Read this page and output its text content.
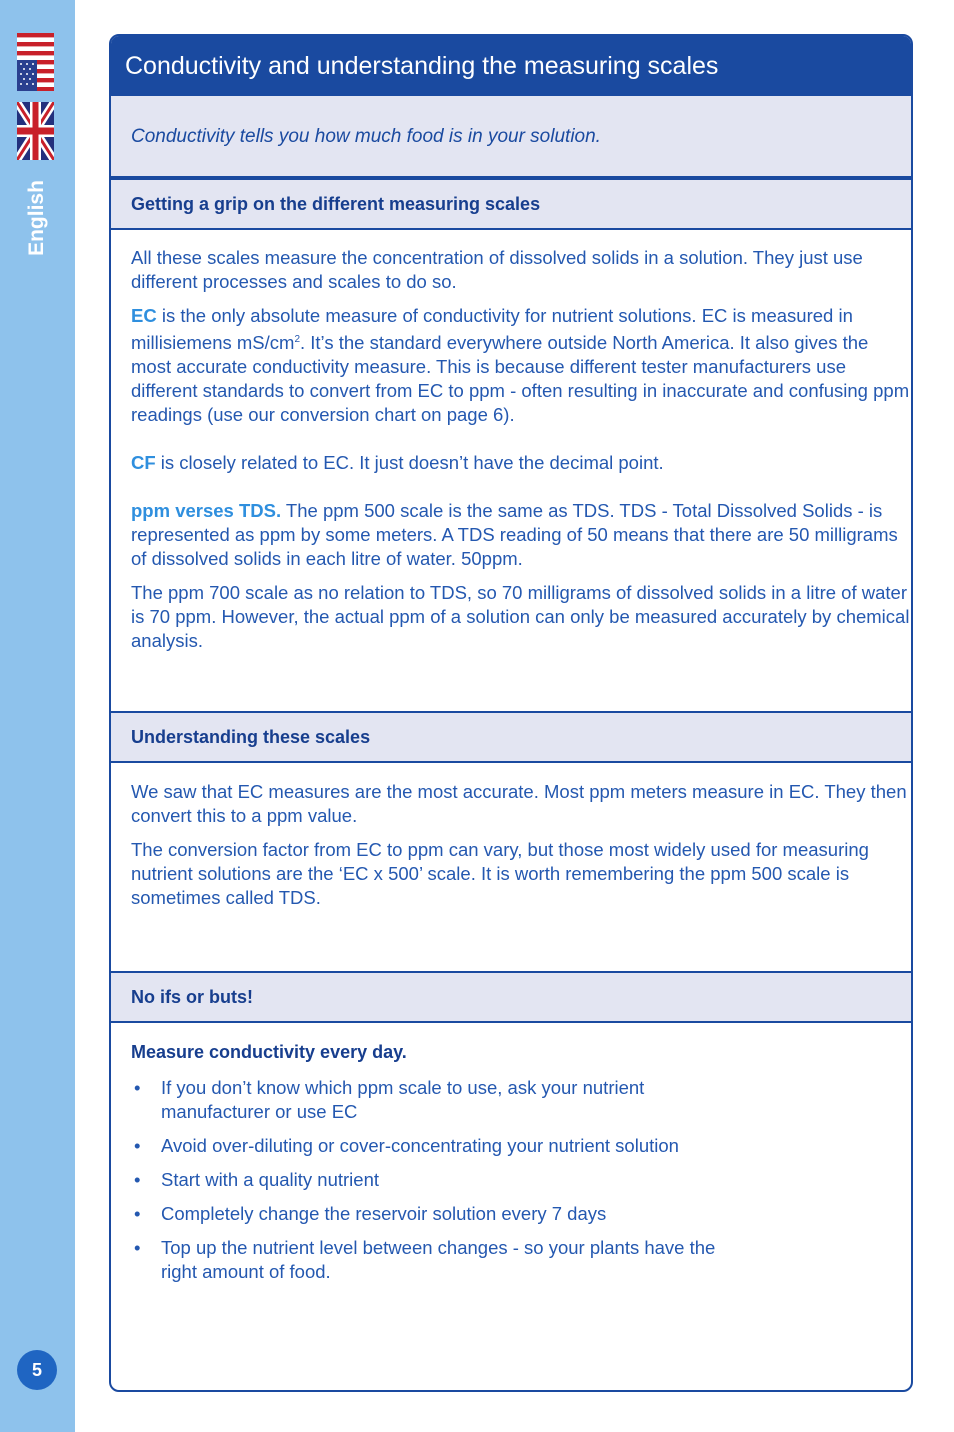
English
5
Conductivity and understanding the measuring scales
Conductivity tells you how much food is in your solution.
Getting a grip on the different measuring scales

All these scales measure the concentration of dissolved solids in a solution. They just use different processes and scales to do so.

EC is the only absolute measure of conductivity for nutrient solutions. EC is measured in millisiemens $mS/cm^2$. It’s the standard everywhere outside North America. It also gives the most accurate conductivity measure. This is because different tester manufacturers use different standards to convert from EC to ppm - often resulting in inaccurate and confusing ppm readings (use our conversion chart on page 6).

CF is closely related to EC. It just doesn’t have the decimal point.

ppm verses TDS. The ppm 500 scale is the same as TDS. TDS - Total Dissolved Solids - is represented as ppm by some meters. A TDS reading of 50 means that there are 50 milligrams of dissolved solids in each litre of water. 50ppm.

The ppm 700 scale as no relation to TDS, so 70 milligrams of dissolved solids in a litre of water is 70 ppm. However, the actual ppm of a solution can only be measured accurately by chemical analysis.

Understanding these scales

We saw that EC measures are the most accurate. Most ppm meters measure in EC. They then convert this to a ppm value.

The conversion factor from EC to ppm can vary, but those most widely used for measuring nutrient solutions are the ‘EC x 500’ scale. It is worth remembering the ppm 500 scale is sometimes called TDS.

No ifs or buts!

Measure conductivity every day.

• If you don’t know which ppm scale to use, ask your nutrient manufacturer or use EC
• Avoid over-diluting or cover-concentrating your nutrient solution
• Start with a quality nutrient
• Completely change the reservoir solution every 7 days
• Top up the nutrient level between changes - so your plants have the right amount of food.
